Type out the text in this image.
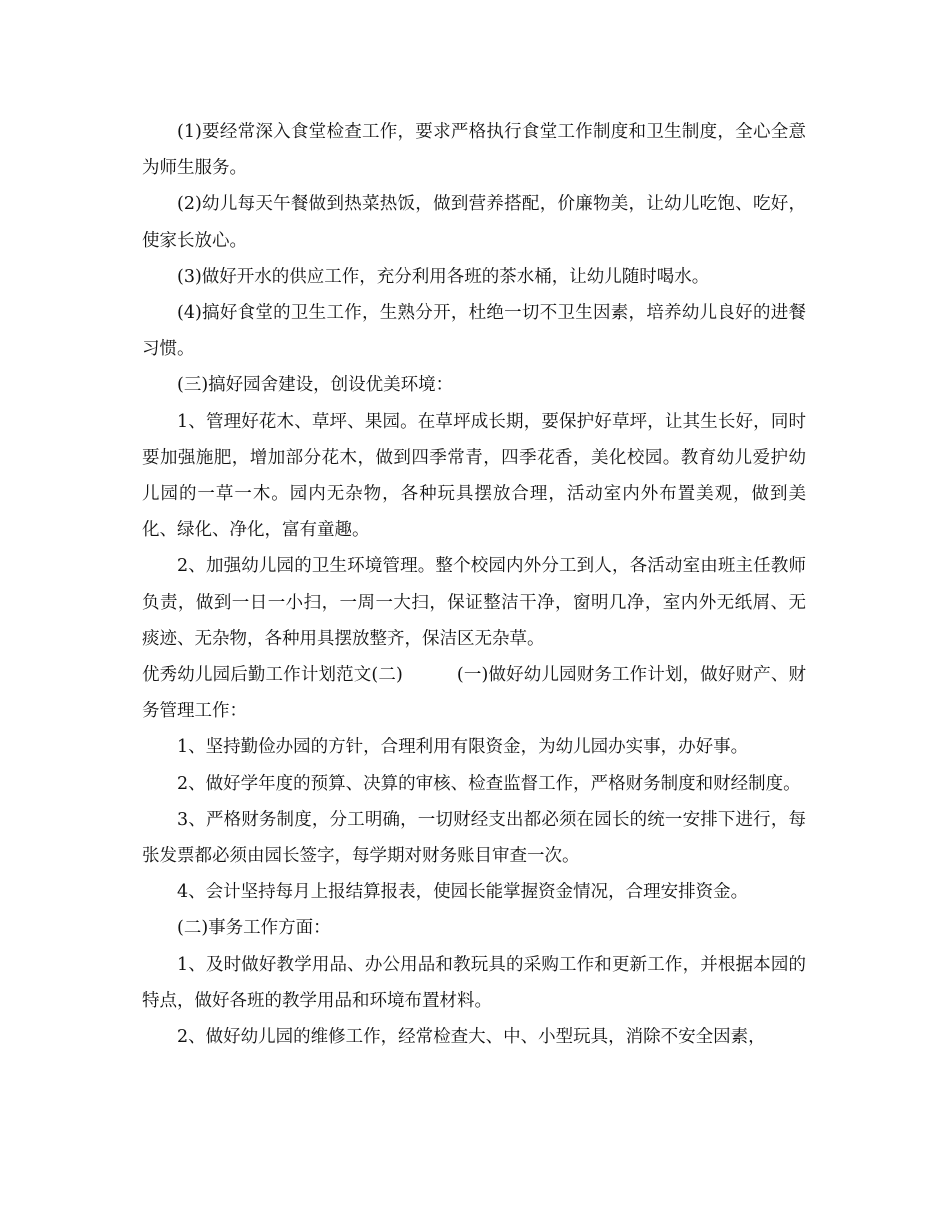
(1)要经常深入食堂检查工作，要求严格执行食堂工作制度和卫生制度，全心全意为师生服务。

(2)幼儿每天午餐做到热菜热饭，做到营养搭配，价廉物美，让幼儿吃饱、吃好，使家长放心。

(3)做好开水的供应工作，充分利用各班的茶水桶，让幼儿随时喝水。

(4)搞好食堂的卫生工作，生熟分开，杜绝一切不卫生因素，培养幼儿良好的进餐习惯。

(三)搞好园舍建设，创设优美环境：

1、管理好花木、草坪、果园。在草坪成长期，要保护好草坪，让其生长好，同时要加强施肥，增加部分花木，做到四季常青，四季花香，美化校园。教育幼儿爱护幼儿园的一草一木。园内无杂物，各种玩具摆放合理，活动室内外布置美观，做到美化、绿化、净化，富有童趣。

2、加强幼儿园的卫生环境管理。整个校园内外分工到人，各活动室由班主任教师负责，做到一日一小扫，一周一大扫，保证整洁干净，窗明几净，室内外无纸屑、无痰迹、无杂物，各种用具摆放整齐，保洁区无杂草。

优秀幼儿园后勤工作计划范文(二)	(一)做好幼儿园财务工作计划，做好财产、财务管理工作：

1、坚持勤俭办园的方针，合理利用有限资金，为幼儿园办实事，办好事。

2、做好学年度的预算、决算的审核、检查监督工作，严格财务制度和财经制度。

3、严格财务制度，分工明确，一切财经支出都必须在园长的统一安排下进行，每张发票都必须由园长签字，每学期对财务账目审查一次。

4、会计坚持每月上报结算报表，使园长能掌握资金情况，合理安排资金。

(二)事务工作方面：

1、及时做好教学用品、办公用品和教玩具的采购工作和更新工作，并根据本园的特点，做好各班的教学用品和环境布置材料。

2、做好幼儿园的维修工作，经常检查大、中、小型玩具，消除不安全因素，
